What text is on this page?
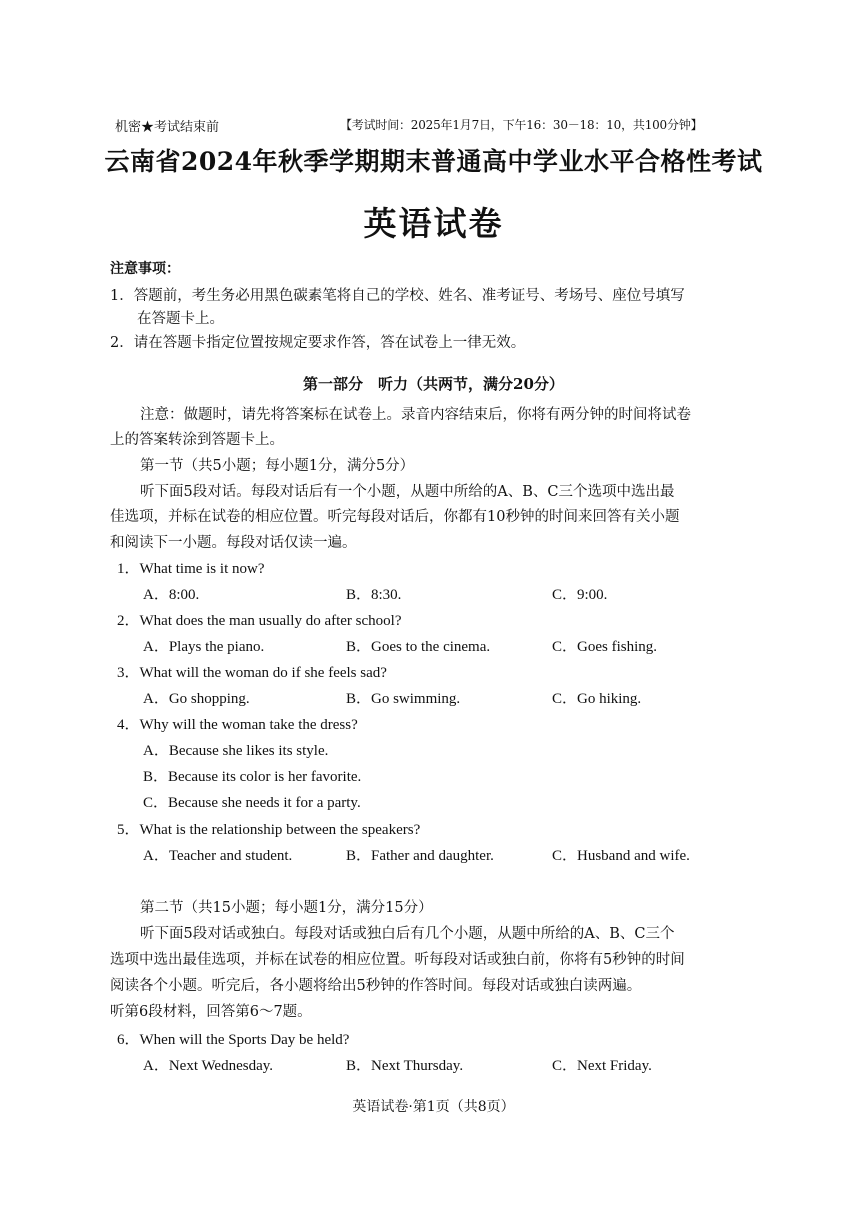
机密★考试结束前	【考试时间：2025年1月7日，下午16：30－18：10，共100分钟】
云南省2024年秋季学期期末普通高中学业水平合格性考试
英语试卷
注意事项：
1．答题前，考生务必用黑色碳素笔将自己的学校、姓名、准考证号、考场号、座位号填写
在答题卡上。
2．请在答题卡指定位置按规定要求作答，答在试卷上一律无效。
第一部分　听力（共两节，满分20分）
注意：做题时，请先将答案标在试卷上。录音内容结束后，你将有两分钟的时间将试卷
上的答案转涂到答题卡上。
第一节（共5小题；每小题1分，满分5分）
听下面5段对话。每段对话后有一个小题，从题中所给的A、B、C三个选项中选出最
佳选项，并标在试卷的相应位置。听完每段对话后，你都有10秒钟的时间来回答有关小题
和阅读下一小题。每段对话仅读一遍。
1．What time is it now?
A．8:00.	B．8:30.	C．9:00.
2．What does the man usually do after school?
A．Plays the piano.	B．Goes to the cinema.	C．Goes fishing.
3．What will the woman do if she feels sad?
A．Go shopping.	B．Go swimming.	C．Go hiking.
4．Why will the woman take the dress?
A．Because she likes its style.
B．Because its color is her favorite.
C．Because she needs it for a party.
5．What is the relationship between the speakers?
A．Teacher and student.	B．Father and daughter.	C．Husband and wife.
第二节（共15小题；每小题1分，满分15分）
听下面5段对话或独白。每段对话或独白后有几个小题，从题中所给的A、B、C三个
选项中选出最佳选项，并标在试卷的相应位置。听每段对话或独白前，你将有5秒钟的时间
阅读各个小题。听完后，各小题将给出5秒钟的作答时间。每段对话或独白读两遍。
听第6段材料，回答第6～7题。
6．When will the Sports Day be held?
A．Next Wednesday.	B．Next Thursday.	C．Next Friday.
英语试卷·第1页（共8页）
